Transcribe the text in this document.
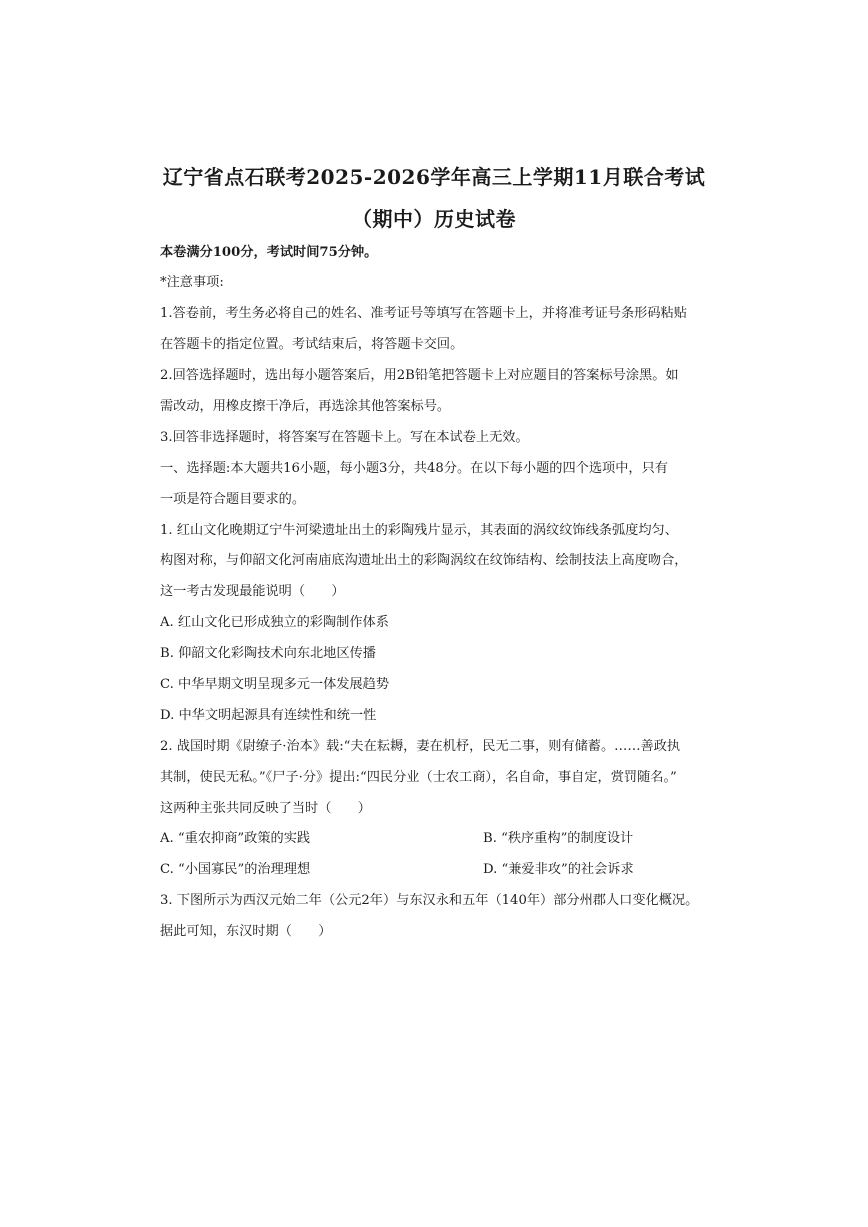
辽宁省点石联考2025-2026学年高三上学期11月联合考试
（期中）历史试卷
本卷满分100分，考试时间75分钟。
*注意事项:
1.答卷前，考生务必将自己的姓名、准考证号等填写在答题卡上，并将准考证号条形码粘贴
在答题卡的指定位置。考试结束后，将答题卡交回。
2.回答选择题时，选出每小题答案后，用2B铅笔把答题卡上对应题目的答案标号涂黑。如
需改动，用橡皮擦干净后，再选涂其他答案标号。
3.回答非选择题时，将答案写在答题卡上。写在本试卷上无效。
一、选择题:本大题共16小题，每小题3分，共48分。在以下每小题的四个选项中，只有
一项是符合题目要求的。
1. 红山文化晚期辽宁牛河梁遗址出土的彩陶残片显示，其表面的涡纹纹饰线条弧度均匀、
构图对称，与仰韶文化河南庙底沟遗址出土的彩陶涡纹在纹饰结构、绘制技法上高度吻合，
这一考古发现最能说明（　　）
A. 红山文化已形成独立的彩陶制作体系
B. 仰韶文化彩陶技术向东北地区传播
C. 中华早期文明呈现多元一体发展趋势
D. 中华文明起源具有连续性和统一性
2. 战国时期《尉缭子·治本》载:“夫在耘耨，妻在机杼，民无二事，则有储蓄。……善政执
其制，使民无私。”《尸子·分》提出:“四民分业（士农工商），名自命，事自定，赏罚随名。”
这两种主张共同反映了当时（　　）
A. “重农抑商”政策的实践	B. “秩序重构”的制度设计
C. “小国寡民”的治理理想	D. “兼爱非攻”的社会诉求
3. 下图所示为西汉元始二年（公元2年）与东汉永和五年（140年）部分州郡人口变化概况。
据此可知，东汉时期（　　）
